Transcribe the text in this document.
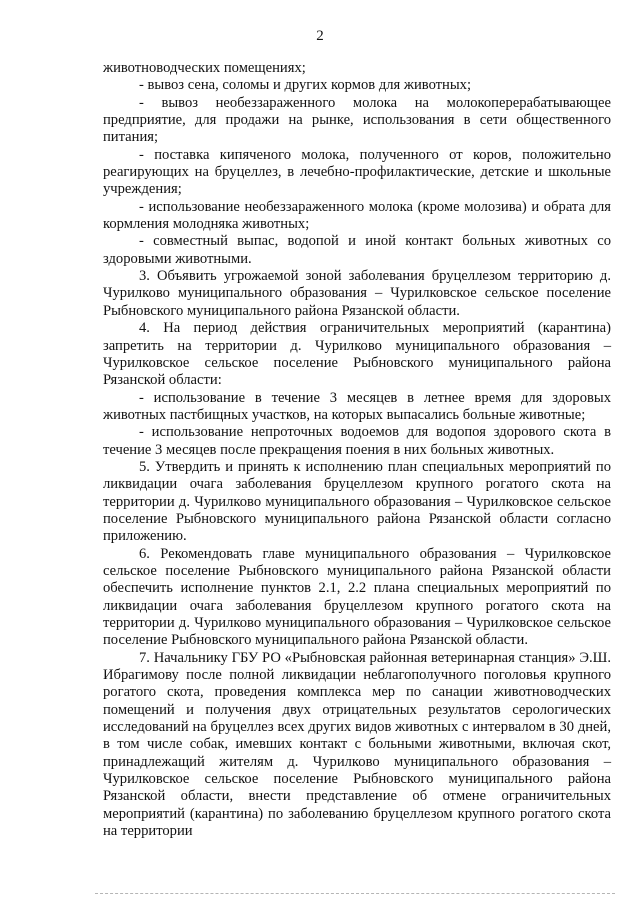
2

животноводческих помещениях;

- вывоз сена, соломы и других кормов для животных;

- вывоз необеззараженного молока на молокоперерабатывающее предприятие, для продажи на рынке, использования в сети общественного питания;

- поставка кипяченого молока, полученного от коров, положительно реагирующих на бруцеллез, в лечебно-профилактические, детские и школьные учреждения;

- использование необеззараженного молока (кроме молозива) и обрата для кормления молодняка животных;

- совместный выпас, водопой и иной контакт больных животных со здоровыми животными.

3. Объявить угрожаемой зоной заболевания бруцеллезом территорию д. Чурилково муниципального образования – Чурилковское сельское поселение Рыбновского муниципального района Рязанской области.

4. На период действия ограничительных мероприятий (карантина) запретить на территории д. Чурилково муниципального образования – Чурилковское сельское поселение Рыбновского муниципального района Рязанской области:

- использование в течение 3 месяцев в летнее время для здоровых животных пастбищных участков, на которых выпасались больные животные;

- использование непроточных водоемов для водопоя здорового скота в течение 3 месяцев после прекращения поения в них больных животных.

5. Утвердить и принять к исполнению план специальных мероприятий по ликвидации очага заболевания бруцеллезом крупного рогатого скота на территории д. Чурилково муниципального образования – Чурилковское сельское поселение Рыбновского муниципального района Рязанской области согласно приложению.

6. Рекомендовать главе муниципального образования – Чурилковское сельское поселение Рыбновского муниципального района Рязанской области обеспечить исполнение пунктов 2.1, 2.2 плана специальных мероприятий по ликвидации очага заболевания бруцеллезом крупного рогатого скота на территории д. Чурилково муниципального образования – Чурилковское сельское поселение Рыбновского муниципального района Рязанской области.

7. Начальнику ГБУ РО «Рыбновская районная ветеринарная станция» Э.Ш. Ибрагимову после полной ликвидации неблагополучного поголовья крупного рогатого скота, проведения комплекса мер по санации животноводческих помещений и получения двух отрицательных результатов серологических исследований на бруцеллез всех других видов животных с интервалом в 30 дней, в том числе собак, имевших контакт с больными животными, включая скот, принадлежащий жителям д. Чурилково муниципального образования – Чурилковское сельское поселение Рыбновского муниципального района Рязанской области, внести представление об отмене ограничительных мероприятий (карантина) по заболеванию бруцеллезом крупного рогатого скота на территории
